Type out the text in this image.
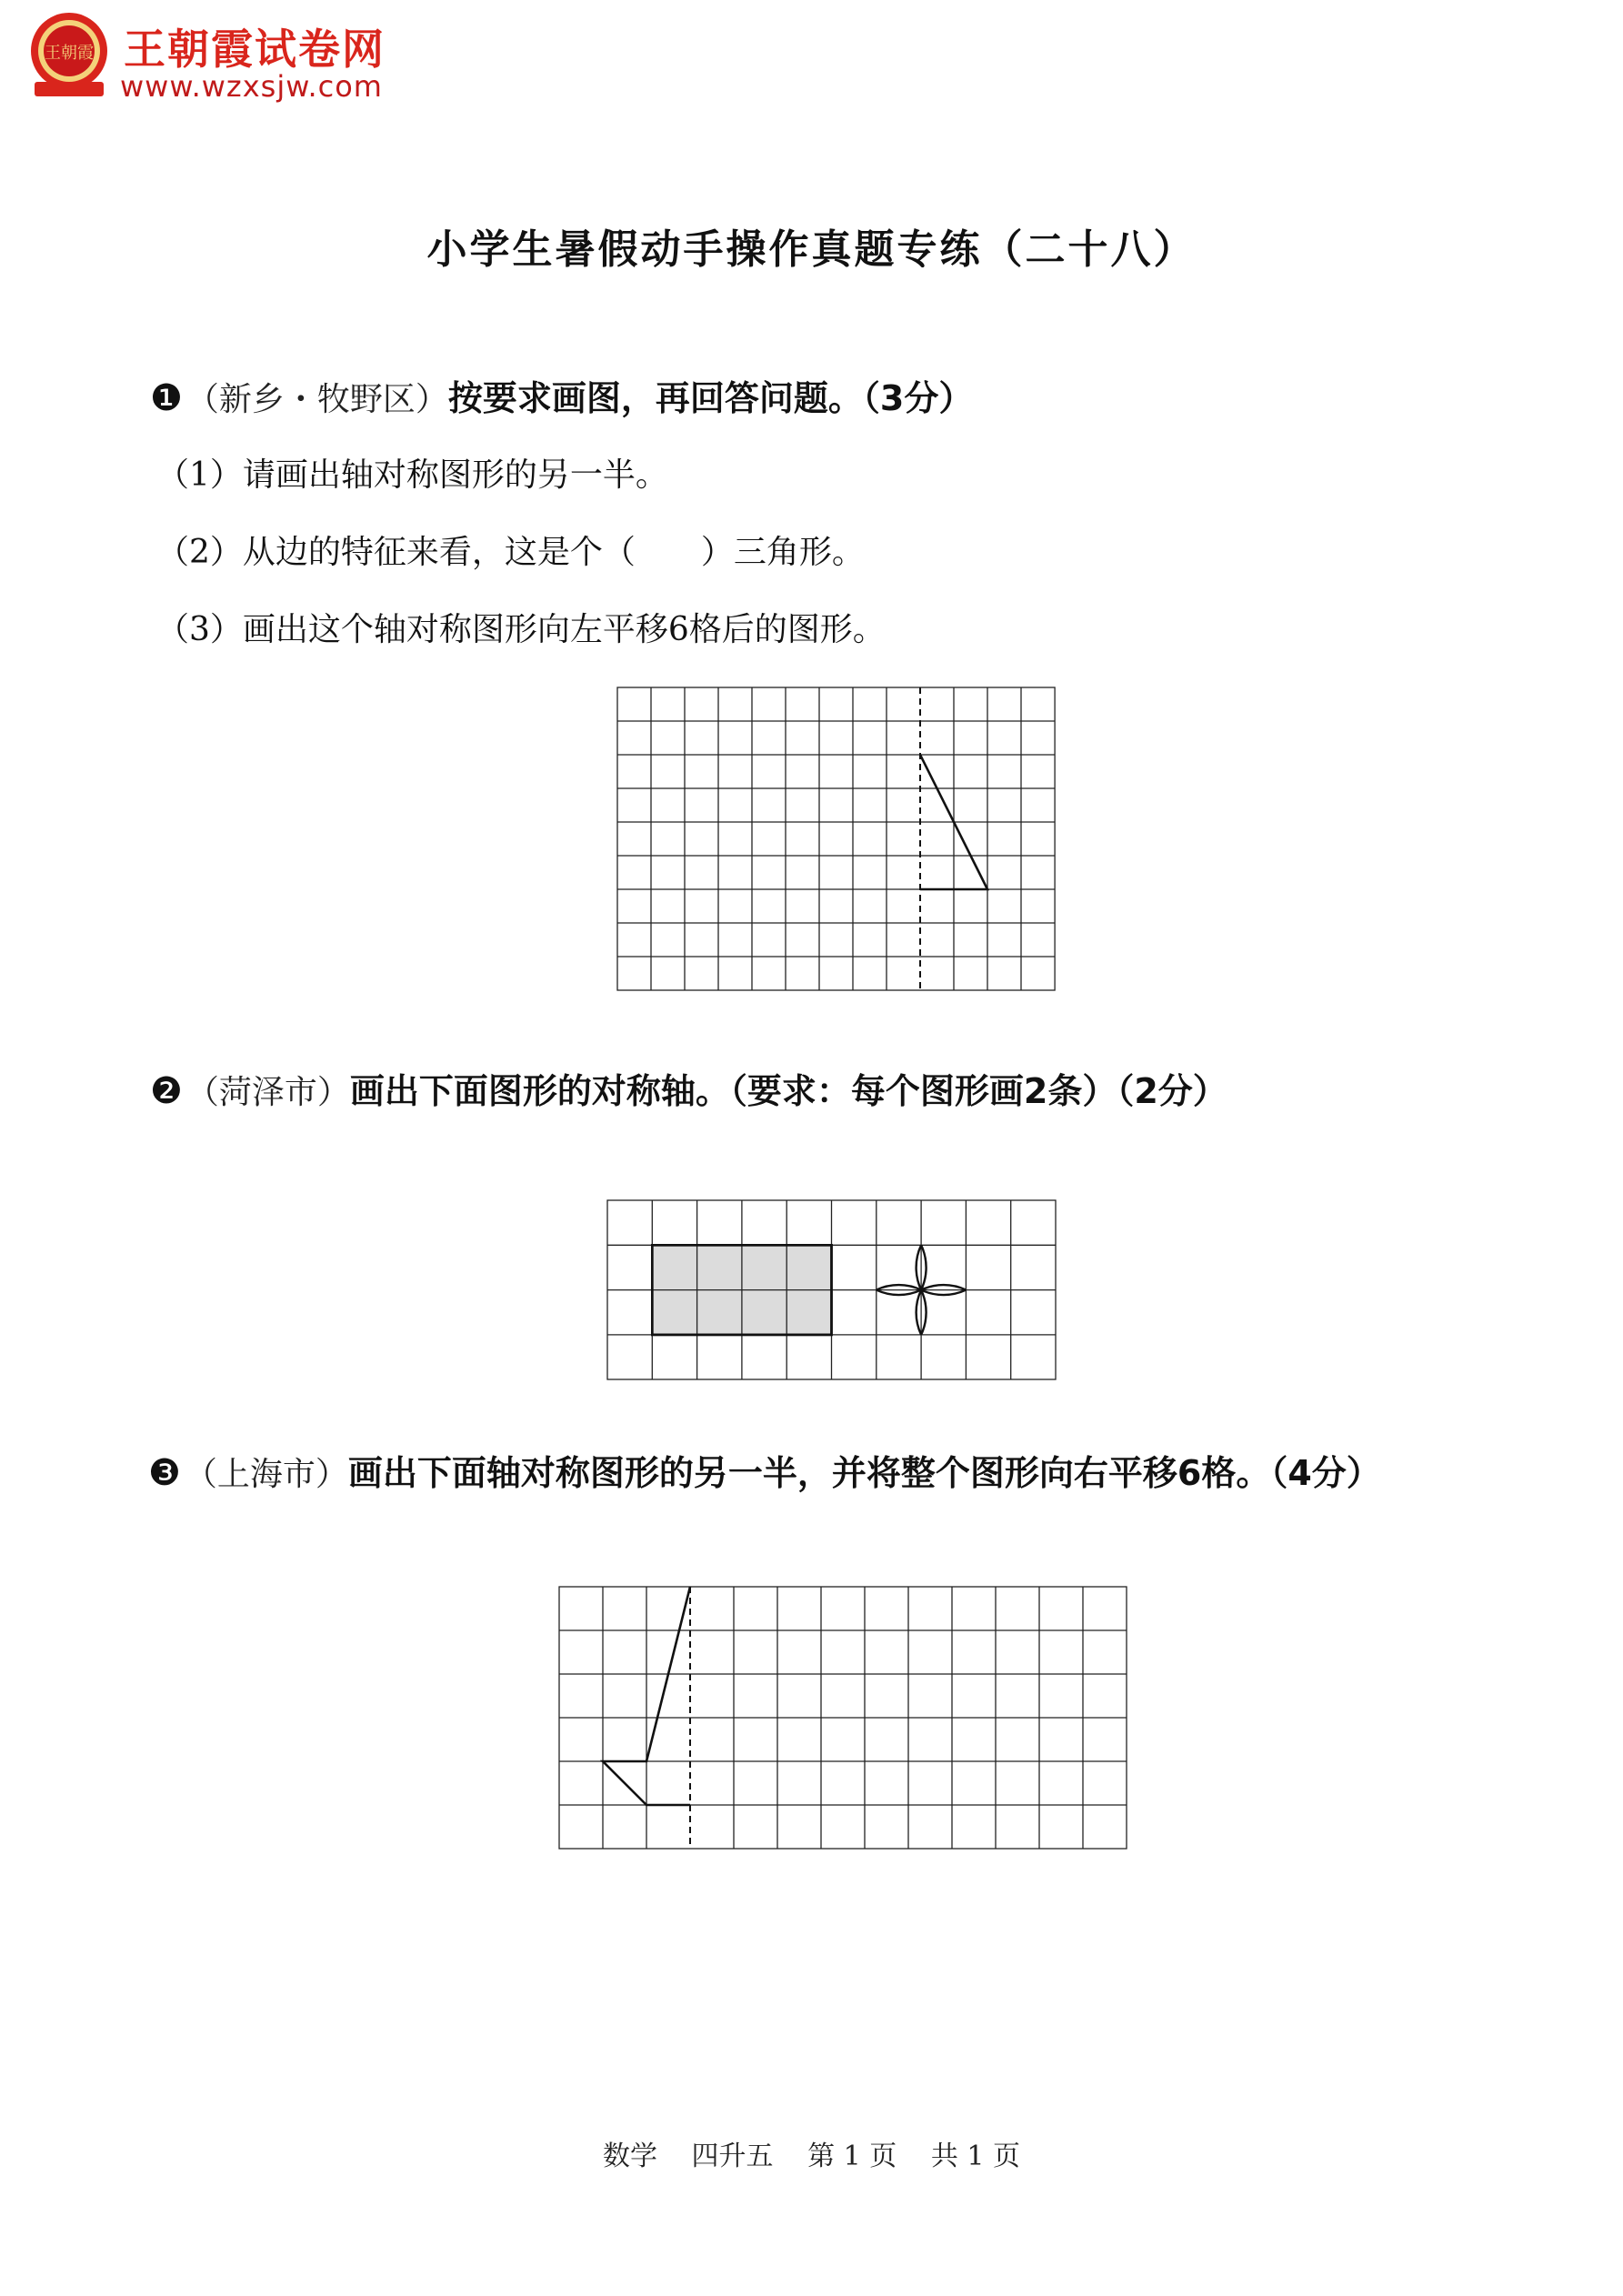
王朝霞 王朝霞试卷网
www.wzxsjw.com
小学生暑假动手操作真题专练（二十八）
❶ （新乡・牧野区）按要求画图，再回答问题。（3分）
（1）请画出轴对称图形的另一半。
（2）从边的特征来看，这是个（　　）三角形。
（3）画出这个轴对称图形向左平移6格后的图形。
❷ （菏泽市）画出下面图形的对称轴。（要求：每个图形画2条）（2分）
❸ （上海市）画出下面轴对称图形的另一半，并将整个图形向右平移6格。（4分）
数学 四升五 第 1 页 共 1 页
